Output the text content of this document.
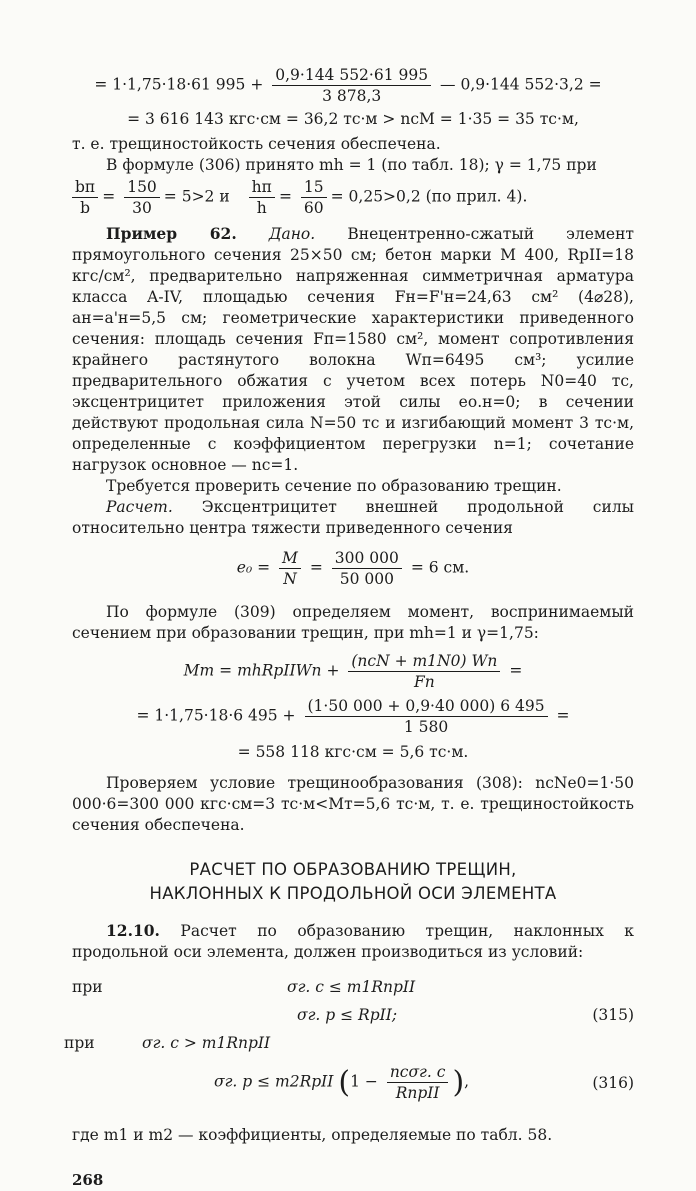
= 1·1,75·18·61 $995 + \frac{0,9\cdot 144 552\cdot 61 995}{3 878,3}$ — 0,9·144 552·3,2 =
= 3 616 143 кгс·см = 36,2 тс·м > nсМ = 1·35 = 35 тс·м,
т. е. трещиностойкость сечения обеспечена.
В формуле (306) принято mh = 1 (по табл. 18); γ = 1,75 при
$\frac{bп}{b} = \frac{150}{30} = 5>2$ и $\frac{hп}{h} = \frac{15}{60} = 0,25>0,2$ (по прил. 4).
Пример 62. Дано. Внецентренно-сжатый элемент прямоугольного сечения 25×50 см; бетон марки М 400, RpII=18 кгс/см², предварительно напряженная симметричная арматура класса A-IV, площадью сечения Fн=F'н=24,63 см² (4⌀28), aн=a'н=5,5 см; геометрические характеристики приведенного сечения: площадь сечения Fп=1580 см², момент сопротивления крайнего растянутого волокна Wп=6495 см³; усилие предварительного обжатия с учетом всех потерь N0=40 тс, эксцентрицитет приложения этой силы eо.н=0; в сечении действуют продольная сила N=50 тс и изгибающий момент 3 тс·м, определенные с коэффициентом перегрузки n=1; сочетание нагрузок основное — nс=1.
Требуется проверить сечение по образованию трещин.
Расчет. Эксцентрицитет внешней продольной силы относительно центра тяжести приведенного сечения
$e_0 = \frac{M}{N} = \frac{300 000}{50 000} = 6$ см.
По формуле (309) определяем момент, воспринимаемый сечением при образовании трещин, при mh=1 и γ=1,75:
Mт = mhRpIIWп + $\frac{\text{(nсN + m1N0) Wп}}{Fп}$ =
= 1·1,75·18·6 $495 + \frac{(1\cdot 50 000 + 0,9\cdot 40 000) 6 495}{1 580}$ =
= 558 118 кгс·см = 5,6 тс·м.
Проверяем условие трещинообразования (308): nсNe0=1·50 000·6=300 000 кгс·см=3 тс·м<Mт=5,6 тс·м, т. е. трещиностойкость сечения обеспечена.
РАСЧЕТ ПО ОБРАЗОВАНИЮ ТРЕЩИН,
НАКЛОННЫХ К ПРОДОЛЬНОЙ ОСИ ЭЛЕМЕНТА
12.10. Расчет по образованию трещин, наклонных к продольной оси элемента, должен производиться из условий:
при	σг. с ≤ m1RпрII
σг. р ≤ RpII;	(315)
при	σг. с > m1RпрII
σг. р ≤ m2RpII ($1 - \frac{\text{nсσг. с}}{\text{RпрII}}$ ),	(316)
где m1 и m2 — коэффициенты, определяемые по табл. 58.
268
